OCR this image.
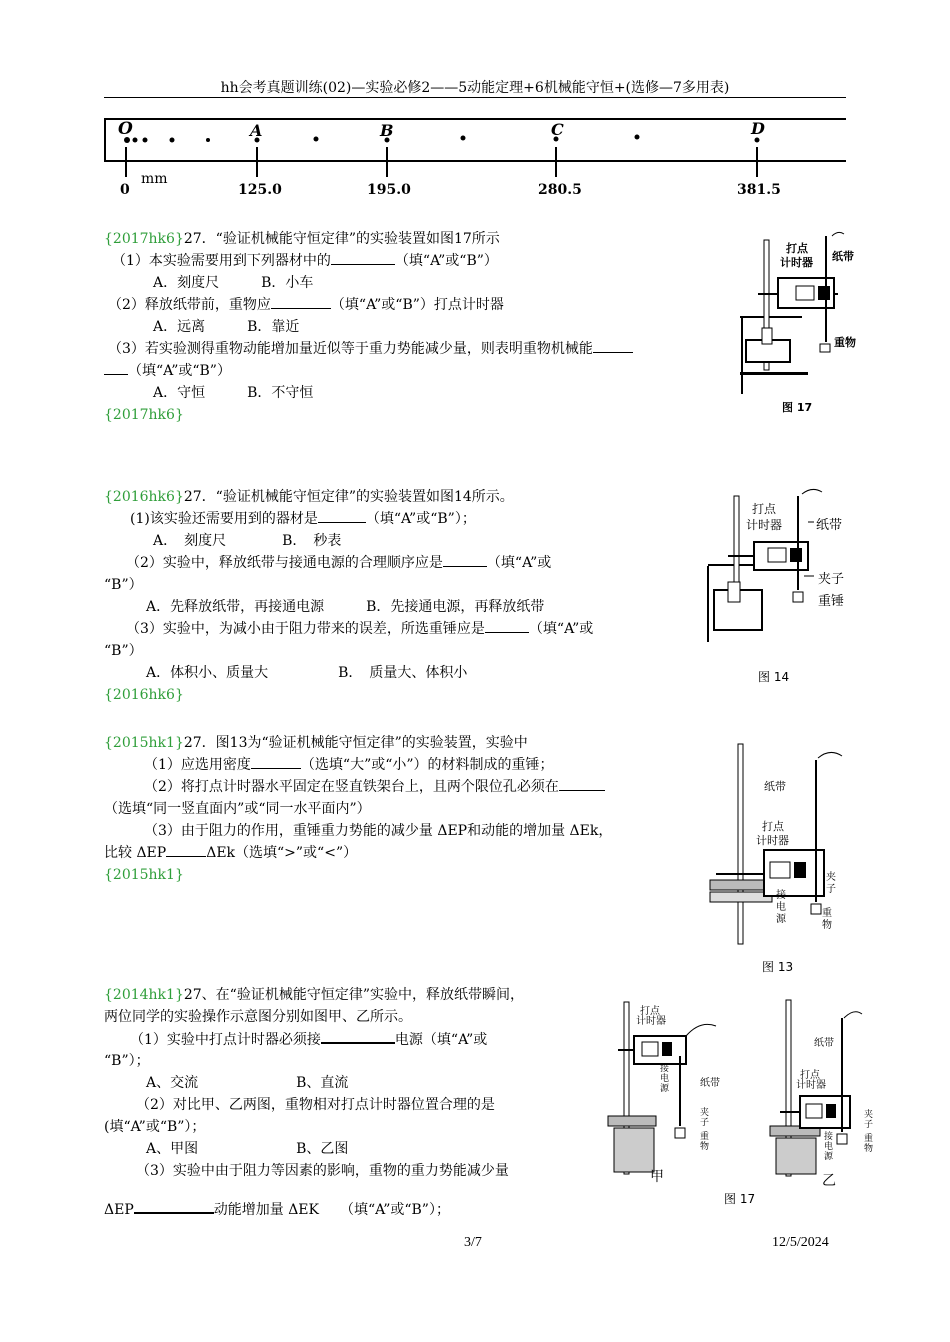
hh会考真题训练(02)—实验必修2——5动能定理+6机械能守恒+(选修—7多用表)
O	A	B	C	D
mm
0	125.0	195.0	280.5	381.5
{2017hk6}27．“验证机械能守恒定律”的实验装置如图17所示
（1）本实验需要用到下列器材中的	（填“A”或“B”）
A．刻度尺　　　B．小车
（2）释放纸带前，重物应	（填“A”或“B”）打点计时器
A．远离　　　B．靠近
（3）若实验测得重物动能增加量近似等于重力势能减少量，则表明重物机械能
（填“A”或“B”）
A．守恒　　　B．不守恒
{2017hk6}
打点
计时器 纸带
重物
图 17
{2016hk6}27．“验证机械能守恒定律”的实验装置如图14所示。
(1)该实验还需要用到的器材是	（填“A”或“B”）；
A．　刻度尺　　　　B．　秒表
（2）实验中，释放纸带与接通电源的合理顺序应是	（填“A”或
“B”）
A．先释放纸带，再接通电源　　　B．先接通电源，再释放纸带
（3）实验中，为减小由于阻力带来的误差，所选重锤应是	（填“A”或
“B”）
A．体积小、质量大　　　　　B．　质量大、体积小
{2016hk6}
打点
计时器	纸带
夹子
重锤
图 14
{2015hk1}27．图13为“验证机械能守恒定律”的实验装置，实验中
（1）应选用密度	（选填“大”或“小”）的材料制成的重锤；
（2）将打点计时器水平固定在竖直铁架台上，且两个限位孔必须在
（选填“同一竖直面内”或“同一水平面内”）
（3）由于阻力的作用，重锤重力势能的减少量 ΔEP和动能的增加量 ΔEk，
比较 ΔEP	ΔEk（选填“>”或“<”）
{2015hk1}
纸带
打点
计时器
接电源
夹子
重物
图 13
{2014hk1}27、在“验证机械能守恒定律”实验中，释放纸带瞬间，
两位同学的实验操作示意图分别如图甲、乙所示。
（1）实验中打点计时器必须接	电源（填“A”或
“B”）；
A、交流　　　　　　　B、直流
（2）对比甲、乙两图，重物相对打点计时器位置合理的是
(填“A”或“B”）；
A、甲图　　　　　　　B、乙图
（3）实验中由于阻力等因素的影响，重物的重力势能减少量
ΔEP	动能增加量 ΔEK　　（填“A”或“B”）；
打点
计时器
接电源	纸带
夹子
重物
纸带
打点
计时器
接电源
夹子
重物
甲	乙
图 17
3/7	12/5/2024
